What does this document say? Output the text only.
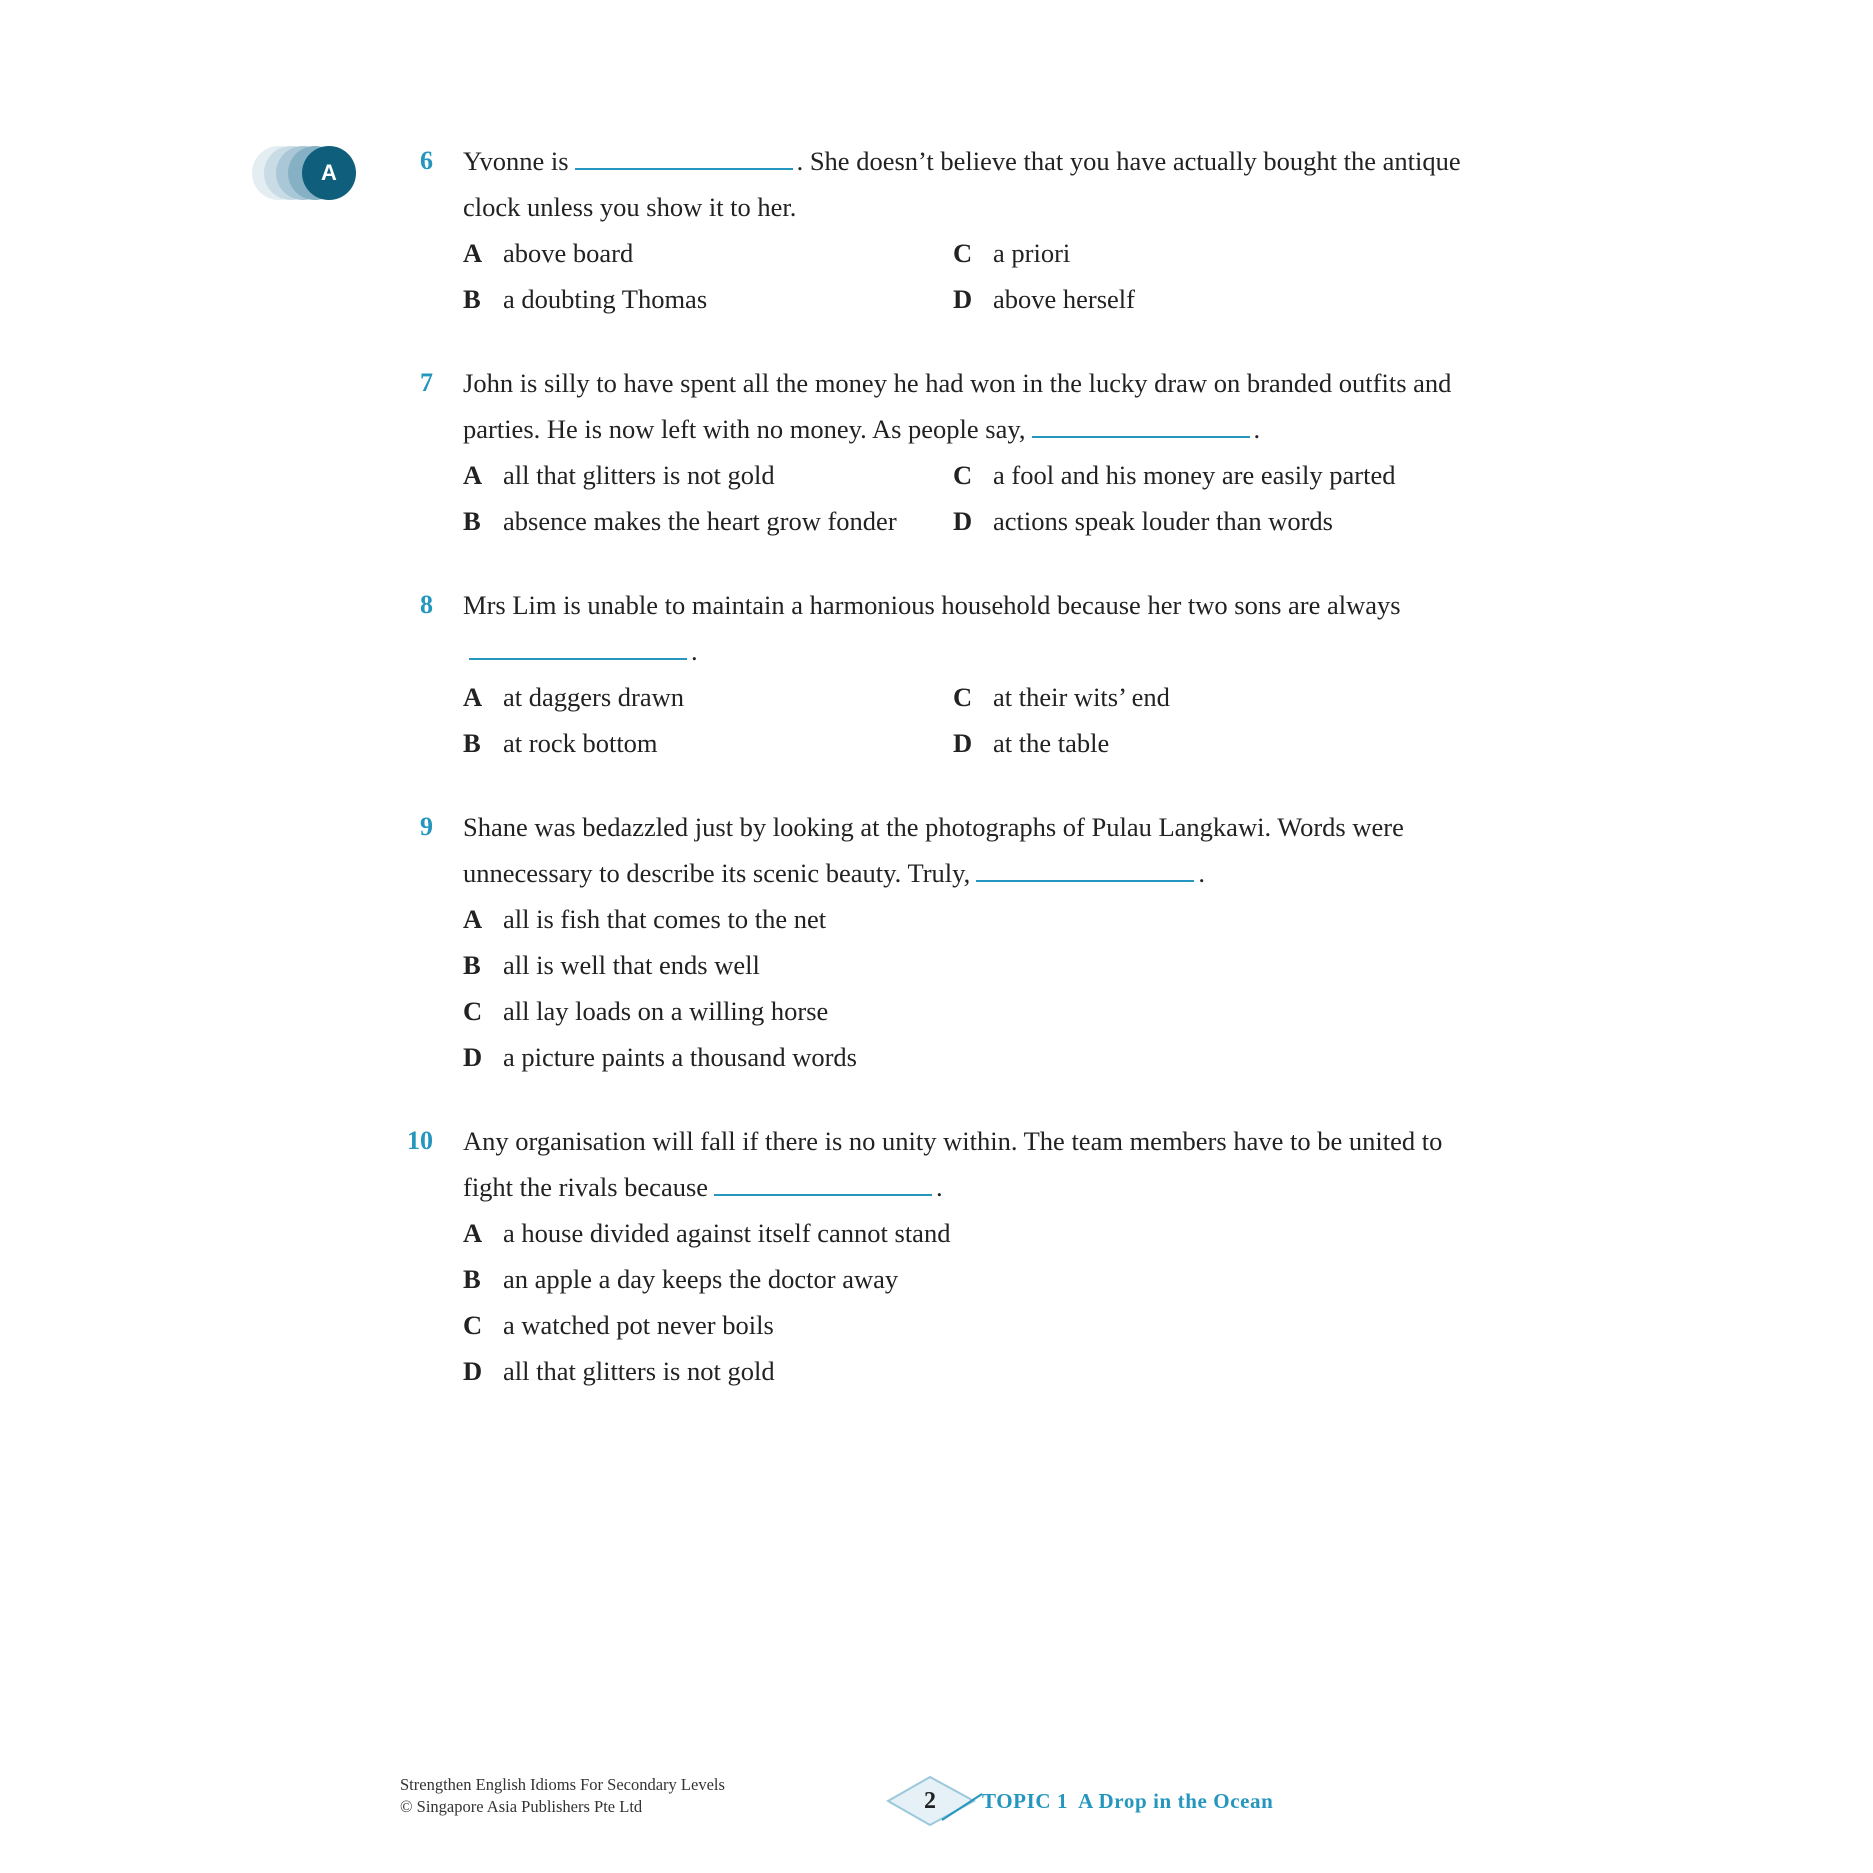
A	6 Yvonne is	. She doesn’t believe that you have actually bought the antique clock unless you show it to her.

A above board	C a priori
B a doubting Thomas	D above herself
7 John is silly to have spent all the money he had won in the lucky draw on branded outfits and parties. He is now left with no money. As people say,	.

A all that glitters is not gold	C a fool and his money are easily parted
B absence makes the heart grow fonder	D actions speak louder than words
8 Mrs Lim is unable to maintain a harmonious household because her two sons are always.

A at daggers drawn	C at their wits’ end
B at rock bottom	D at the table
9 Shane was bedazzled just by looking at the photographs of Pulau Langkawi. Words were unnecessary to describe its scenic beauty. Truly,	.

A all is fish that comes to the net
B all is well that ends well
C all lay loads on a willing horse
D a picture paints a thousand words
10 Any organisation will fall if there is no unity within. The team members have to be united to fight the rivals because	.

A a house divided against itself cannot stand
B an apple a day keeps the doctor away
C a watched pot never boils
D all that glitters is not gold
Strengthen English Idioms For Secondary Levels
© Singapore Asia Publishers Pte Ltd	2	TOPIC 1 A Drop in the Ocean
